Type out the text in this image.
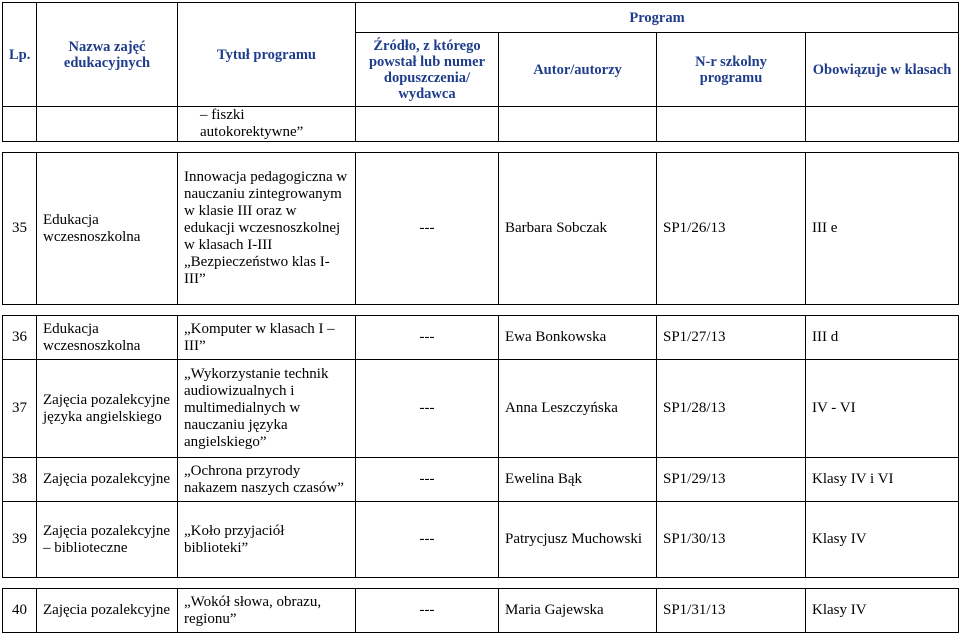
Lp.	Nazwa zajęć edukacyjnych	Tytuł programu	Program			
			Źródło, z którego powstał lub numer dopuszczenia/ wydawca	Autor/autorzy	N-r szkolny programu	Obowiązuje w klasach
		– fiszki autokorektywne”				

35	Edukacja wczesnoszkolna	Innowacja pedagogiczna w nauczaniu zintegrowanym w klasie III oraz w edukacji wczesnoszkolnej w klasach I-III „Bezpieczeństwo klas I-III”	---	Barbara Sobczak	SP1/26/13	III e

36	Edukacja wczesnoszkolna	„Komputer w klasach I – III”	---	Ewa Bonkowska	SP1/27/13	III d
37	Zajęcia pozalekcyjne języka angielskiego	„Wykorzystanie technik audiowizualnych i multimedialnych w nauczaniu języka angielskiego”	---	Anna Leszczyńska	SP1/28/13	IV - VI
38	Zajęcia pozalekcyjne	„Ochrona przyrody nakazem naszych czasów”	---	Ewelina Bąk	SP1/29/13	Klasy IV i VI
39	Zajęcia pozalekcyjne – biblioteczne	„Koło przyjaciół biblioteki”	---	Patrycjusz Muchowski	SP1/30/13	Klasy IV

40	Zajęcia pozalekcyjne	„Wokół słowa, obrazu, regionu”	---	Maria Gajewska	SP1/31/13	Klasy IV
